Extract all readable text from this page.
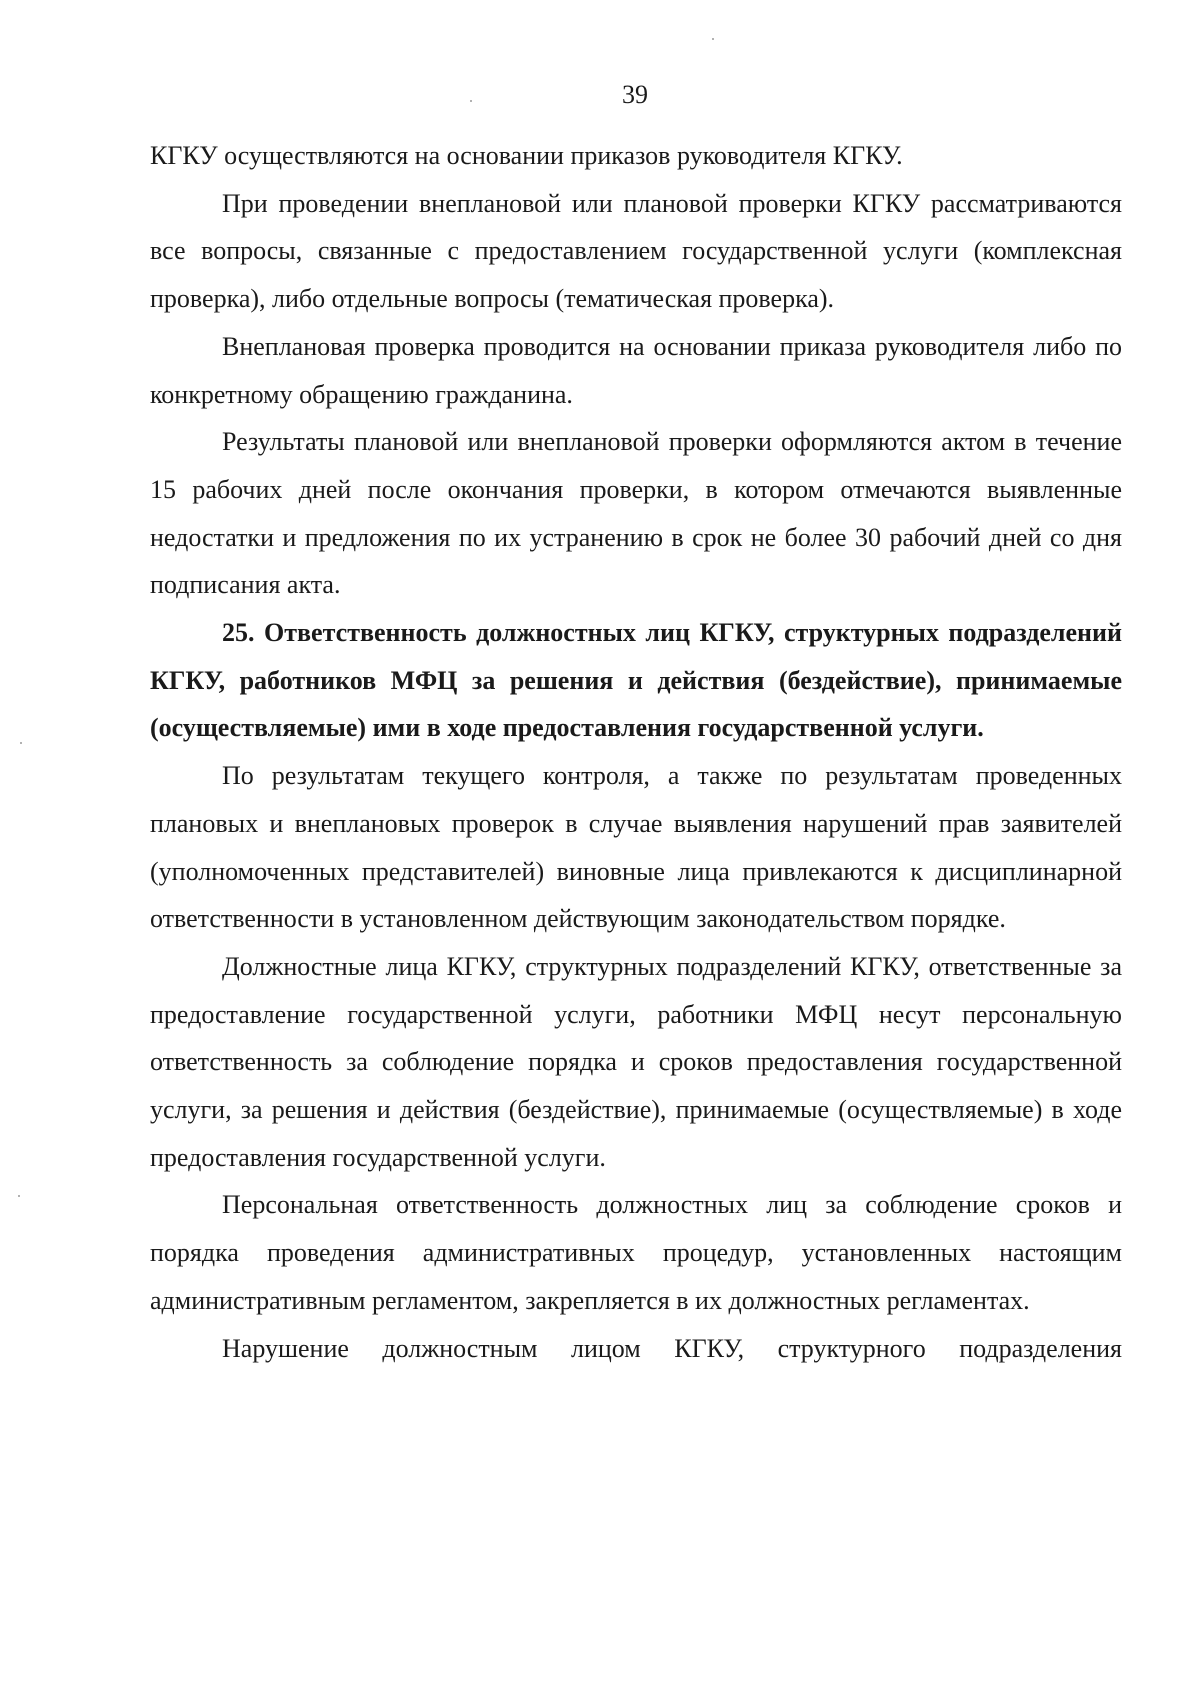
39

КГКУ осуществляются на основании приказов руководителя КГКУ.

При проведении внеплановой или плановой проверки КГКУ рассматриваются все вопросы, связанные с предоставлением государственной услуги (комплексная проверка), либо отдельные вопросы (тематическая проверка).

Внеплановая проверка проводится на основании приказа руководителя либо по конкретному обращению гражданина.

Результаты плановой или внеплановой проверки оформляются актом в течение 15 рабочих дней после окончания проверки, в котором отмечаются выявленные недостатки и предложения по их устранению в срок не более 30 рабочий дней со дня подписания акта.

25. Ответственность должностных лиц КГКУ, структурных подразделений КГКУ, работников МФЦ за решения и действия (бездействие), принимаемые (осуществляемые) ими в ходе предоставления государственной услуги.

По результатам текущего контроля, а также по результатам проведенных плановых и внеплановых проверок в случае выявления нарушений прав заявителей (уполномоченных представителей) виновные лица привлекаются к дисциплинарной ответственности в установленном действующим законодательством порядке.

Должностные лица КГКУ, структурных подразделений КГКУ, ответственные за предоставление государственной услуги, работники МФЦ несут персональную ответственность за соблюдение порядка и сроков предоставления государственной услуги, за решения и действия (бездействие), принимаемые (осуществляемые) в ходе предоставления государственной услуги.

Персональная ответственность должностных лиц за соблюдение сроков и порядка проведения административных процедур, установленных настоящим административным регламентом, закрепляется в их должностных регламентах.

Нарушение должностным лицом КГКУ, структурного подразделения
